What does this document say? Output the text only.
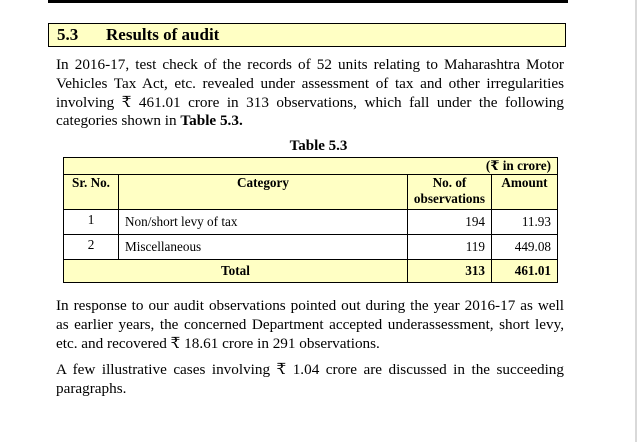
5.3 Results of audit
In 2016-17, test check of the records of 52 units relating to Maharashtra Motor Vehicles Tax Act, etc. revealed under assessment of tax and other irregularities involving ₹ 461.01 crore in 313 observations, which fall under the following categories shown in Table 5.3.
Table 5.3
(₹ in crore)			
Sr. No.	Category	No. of observations	Amount
1	Non/short levy of tax	194	11.93
2	Miscellaneous	119	449.08
Total		313	461.01
In response to our audit observations pointed out during the year 2016-17 as well as earlier years, the concerned Department accepted underassessment, short levy, etc. and recovered ₹ 18.61 crore in 291 observations.
A few illustrative cases involving ₹ 1.04 crore are discussed in the succeeding paragraphs.
